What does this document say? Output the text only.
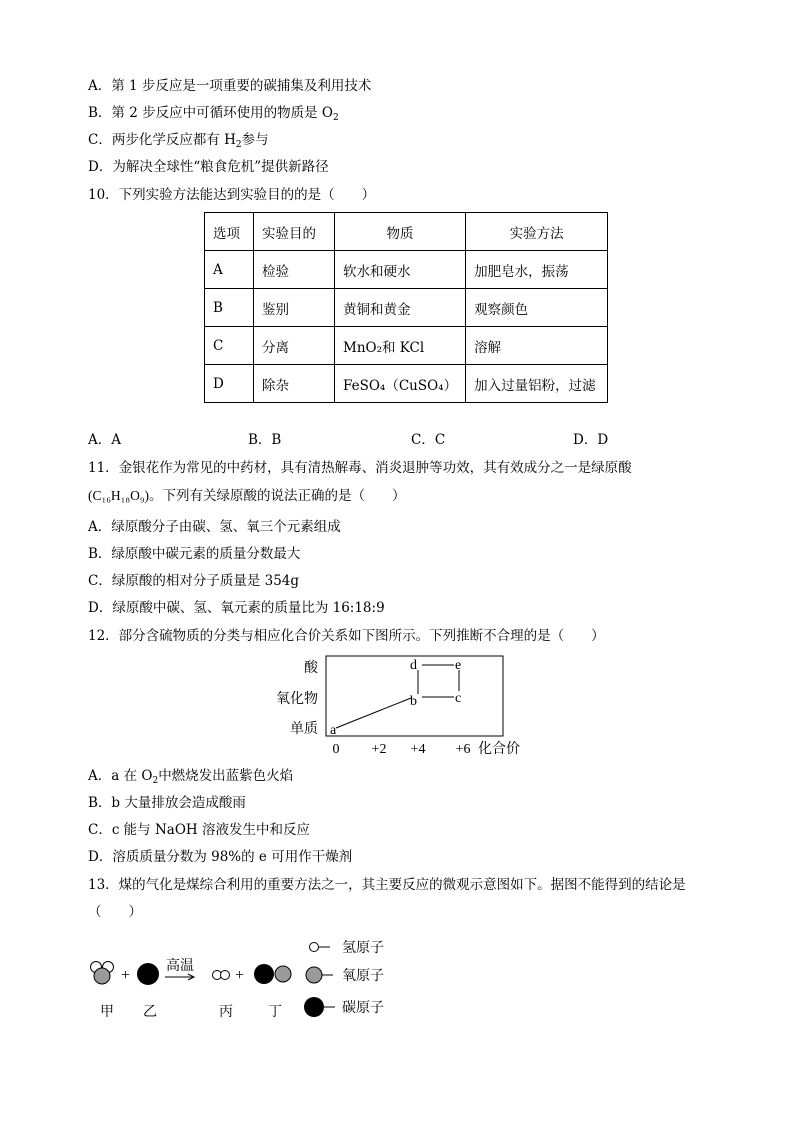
A．第 1 步反应是一项重要的碳捕集及利用技术
B．第 2 步反应中可循环使用的物质是 $O_2$
C．两步化学反应都有 $H_2$参与
D．为解决全球性“粮食危机”提供新路径
10．下列实验方法能达到实验目的的是（　　）
选项	实验目的	物质	实验方法
A	检验	软水和硬水	加肥皂水，振荡
B	鉴别	黄铜和黄金	观察颜色
C	分离	MnO₂和 KCl	溶解
D	除杂	FeSO₄（CuSO₄）	加入过量铝粉，过滤
A．A	B．B	C．C	D．D
11．金银花作为常见的中药材，具有清热解毒、消炎退肿等功效，其有效成分之一是绿原酸
(C₁₆H₁₈O₉)。下列有关绿原酸的说法正确的是（　　）
A．绿原酸分子由碳、氢、氧三个元素组成
B．绿原酸中碳元素的质量分数最大
C．绿原酸的相对分子质量是 354g
D．绿原酸中碳、氢、氧元素的质量比为 16:18:9
12．部分含硫物质的分类与相应化合价关系如下图所示。下列推断不合理的是（　　）
酸
氧化物
单质
0 +2 +4 +6 化合价
a
b	c
d	e
A．a 在 $O_2$中燃烧发出蓝紫色火焰
B．b 大量排放会造成酸雨
C．c 能与 NaOH 溶液发生中和反应
D．溶质质量分数为 98%的 e 可用作干燥剂
13．煤的气化是煤综合利用的重要方法之一，其主要反应的微观示意图如下。据图不能得到的结论是
（　　）
+
高温
+
甲 乙	丙	丁
氢原子
氧原子
碳原子
